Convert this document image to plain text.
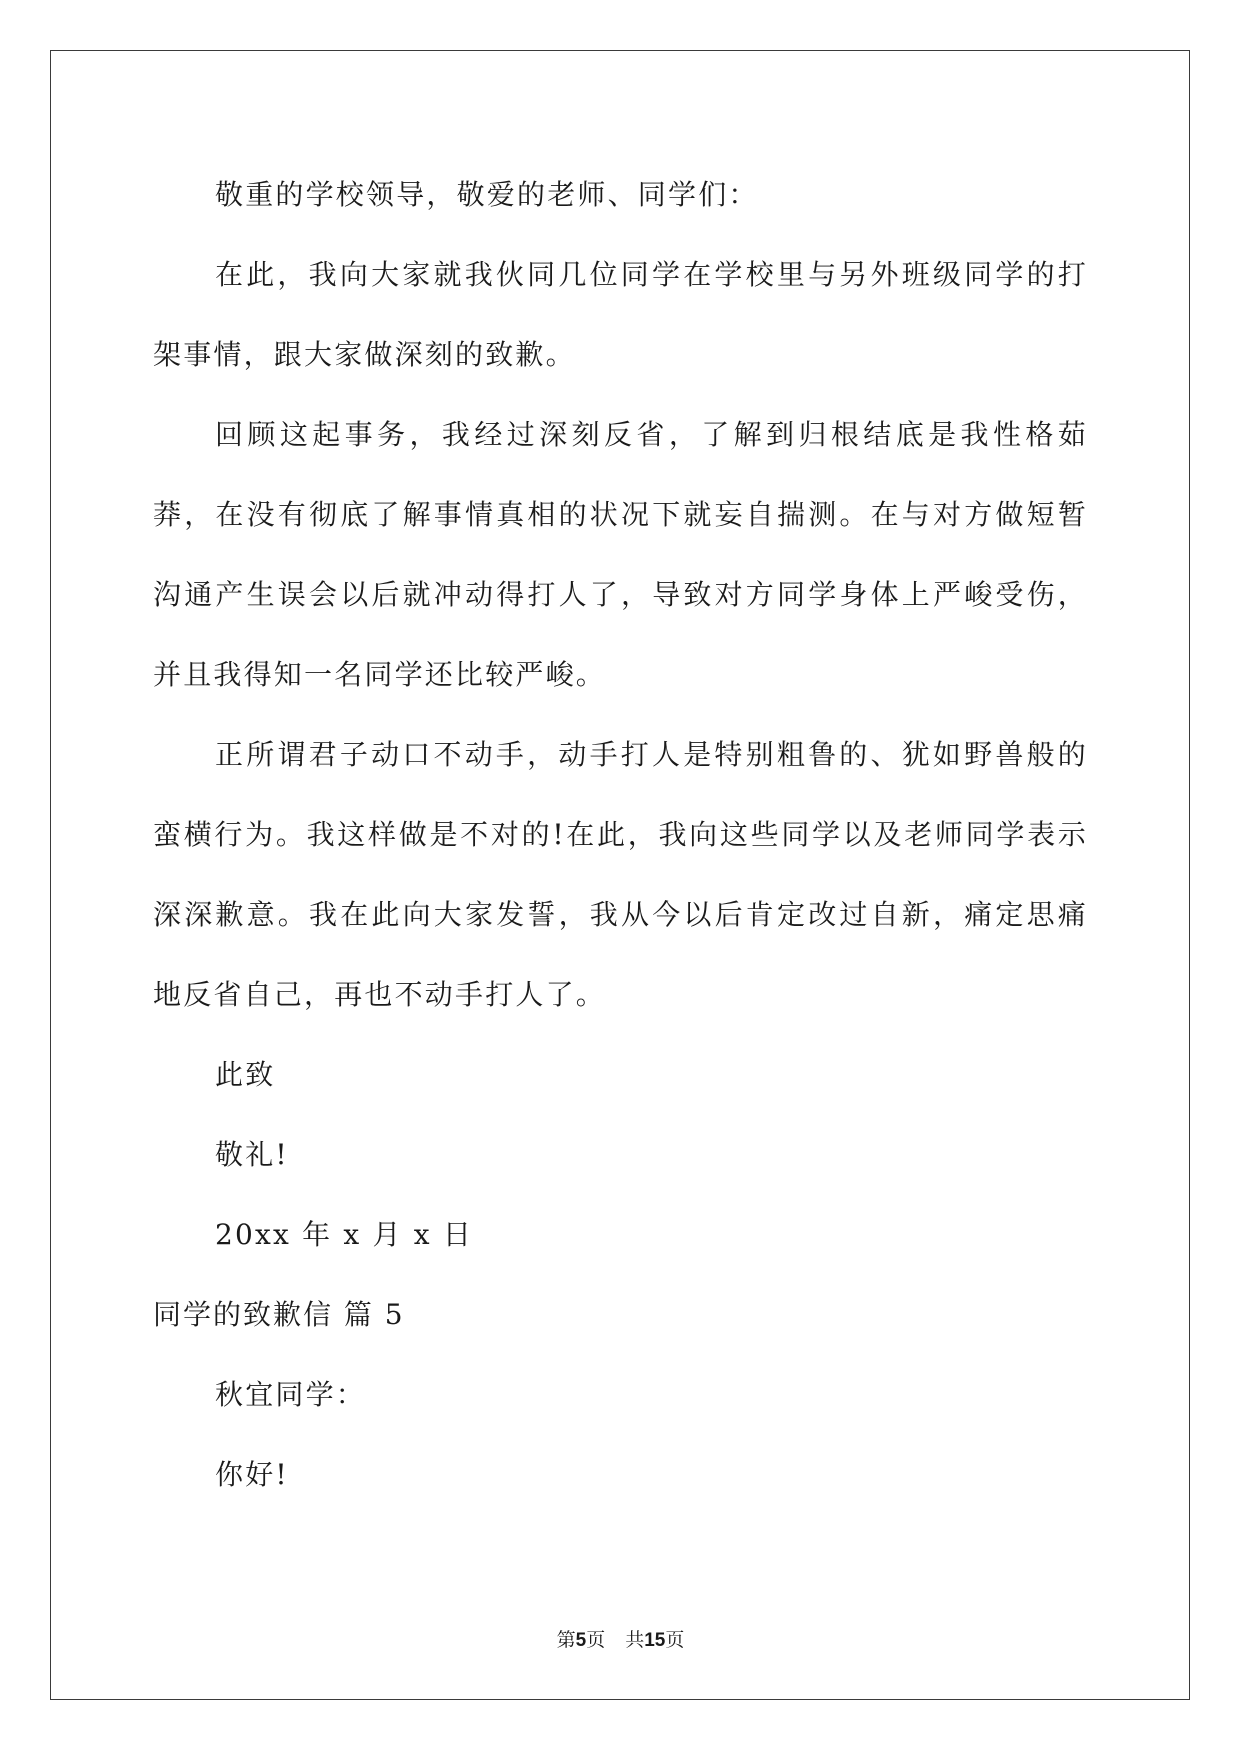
敬重的学校领导，敬爱的老师、同学们：

在此，我向大家就我伙同几位同学在学校里与另外班级同学的打架事情，跟大家做深刻的致歉。

回顾这起事务，我经过深刻反省，了解到归根结底是我性格茹莽，在没有彻底了解事情真相的状况下就妄自揣测。在与对方做短暂沟通产生误会以后就冲动得打人了，导致对方同学身体上严峻受伤，并且我得知一名同学还比较严峻。

正所谓君子动口不动手，动手打人是特别粗鲁的、犹如野兽般的蛮横行为。我这样做是不对的!在此，我向这些同学以及老师同学表示深深歉意。我在此向大家发誓，我从今以后肯定改过自新，痛定思痛地反省自己，再也不动手打人了。

此致

敬礼!

20xx 年 x 月 x 日

同学的致歉信 篇 5

秋宜同学：

你好!

第5页 共15页
